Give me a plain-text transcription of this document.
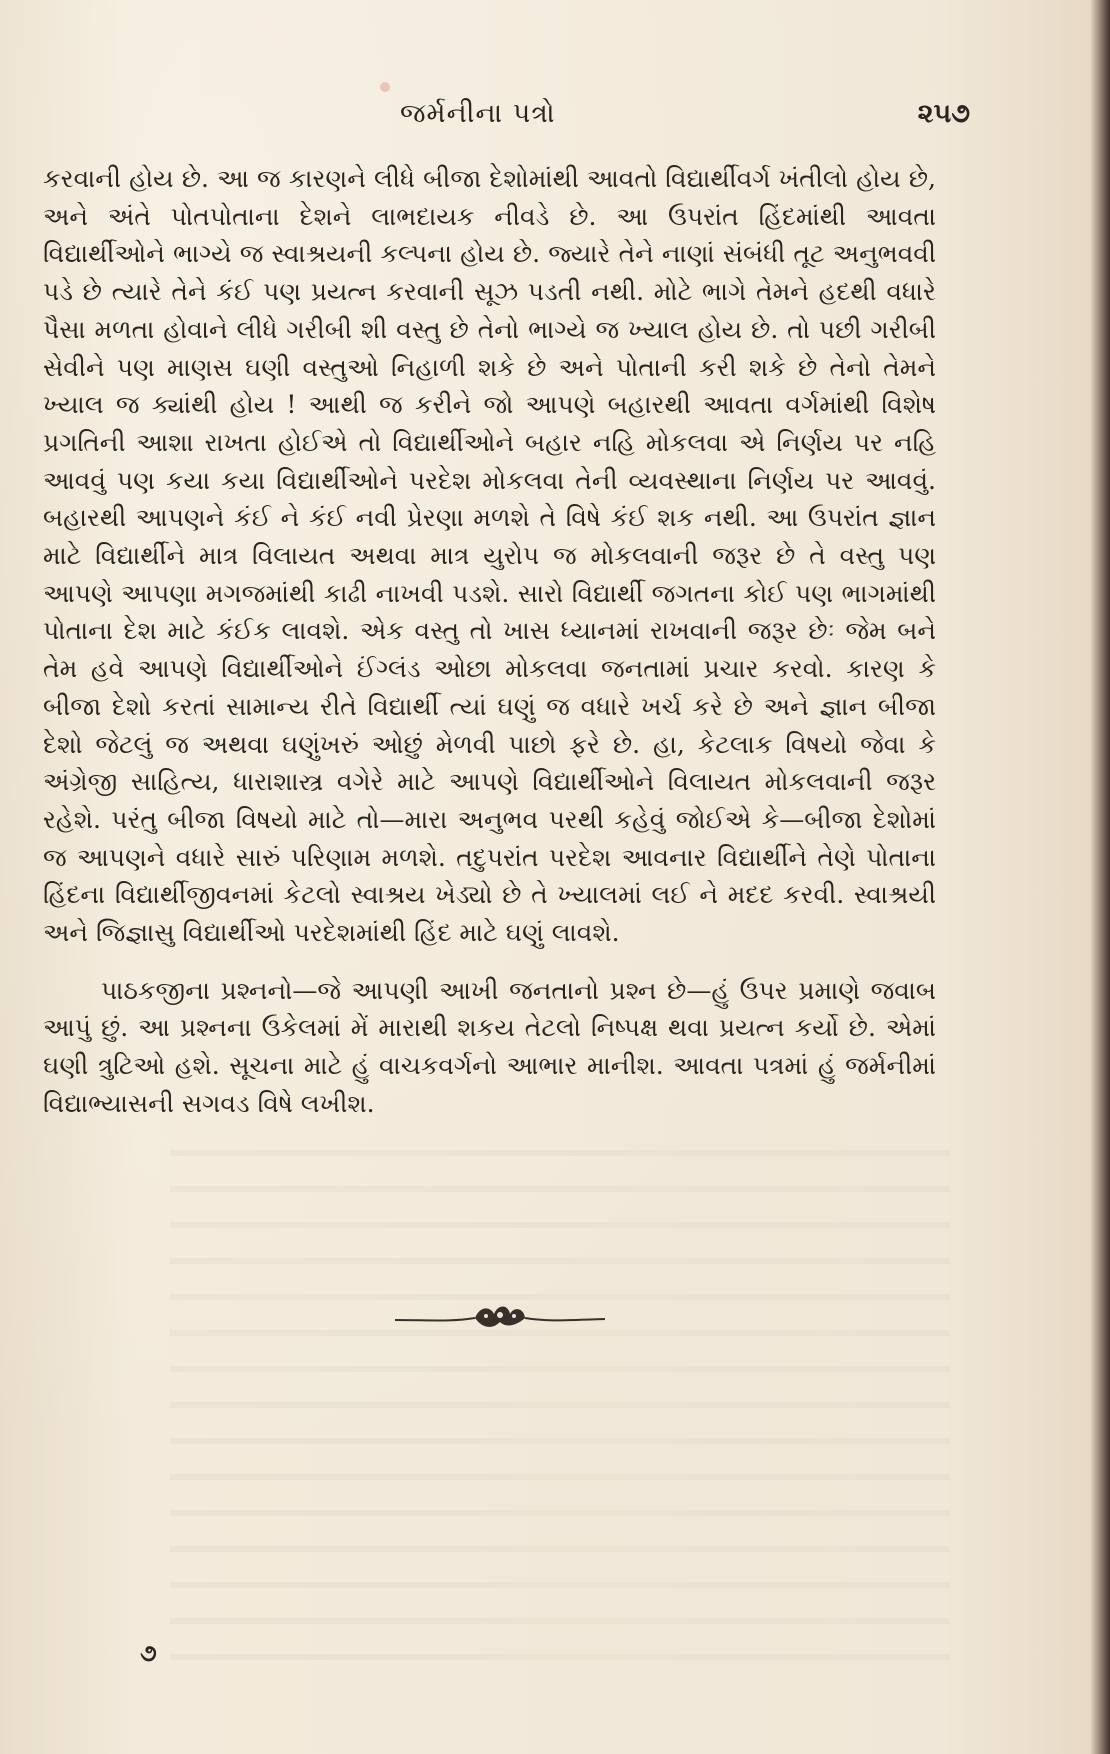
જર્મનીના પત્રો	૨૫૭

કરવાની હોય છે. આ જ કારણને લીધે બીજા દેશોમાંથી આવતો વિદ્યાર્થીવર્ગ ખંતીલો હોય છે, અને અંતે પોતપોતાના દેશને લાભદાયક નીવડે છે. આ ઉપરાંત હિંદમાંથી આવતા વિદ્યાર્થીઓને ભાગ્યે જ સ્વાશ્રયની કલ્પના હોય છે. જ્યારે તેને નાણાં સંબંધી તૂટ અનુભવવી પડે છે ત્યારે તેને કંઈ પણ પ્રયત્ન કરવાની સૂઝ પડતી નથી. મોટે ભાગે તેમને હદથી વધારે પૈસા મળતા હોવાને લીધે ગરીબી શી વસ્તુ છે તેનો ભાગ્યે જ ખ્યાલ હોય છે. તો પછી ગરીબી સેવીને પણ માણસ ઘણી વસ્તુઓ નિહાળી શકે છે અને પોતાની કરી શકે છે તેનો તેમને ખ્યાલ જ ક્યાંથી હોય ! આથી જ કરીને જો આપણે બહારથી આવતા વર્ગમાંથી વિશેષ પ્રગતિની આશા રાખતા હોઈએ તો વિદ્યાર્થીઓને બહાર નહિ મોકલવા એ નિર્ણય પર નહિ આવવું પણ કયા કયા વિદ્યાર્થીઓને પરદેશ મોકલવા તેની વ્યવસ્થાના નિર્ણય પર આવવું. બહારથી આપણને કંઈ ને કંઈ નવી પ્રેરણા મળશે તે વિષે કંઈ શક નથી. આ ઉપરાંત જ્ઞાન માટે વિદ્યાર્થીને માત્ર વિલાયત અથવા માત્ર યુરોપ જ મોકલવાની જરૂર છે તે વસ્તુ પણ આપણે આપણા મગજમાંથી કાઢી નાખવી પડશે. સારો વિદ્યાર્થી જગતના કોઈ પણ ભાગમાંથી પોતાના દેશ માટે કંઈક લાવશે. એક વસ્તુ તો ખાસ ધ્યાનમાં રાખવાની જરૂર છેઃ જેમ બને તેમ હવે આપણે વિદ્યાર્થીઓને ઈંગ્લંડ ઓછા મોકલવા જનતામાં પ્રચાર કરવો. કારણ કે બીજા દેશો કરતાં સામાન્ય રીતે વિદ્યાર્થી ત્યાં ઘણું જ વધારે ખર્ચ કરે છે અને જ્ઞાન બીજા દેશો જેટલું જ અથવા ઘણુંખરું ઓછું મેળવી પાછો ફરે છે. હા, કેટલાક વિષયો જેવા કે અંગ્રેજી સાહિત્ય, ધારાશાસ્ત્ર વગેરે માટે આપણે વિદ્યાર્થીઓને વિલાયત મોકલવાની જરૂર રહેશે. પરંતુ બીજા વિષયો માટે તો—મારા અનુભવ પરથી કહેવું જોઈએ કે—બીજા દેશોમાં જ આપણને વધારે સારું પરિણામ મળશે. તદુપરાંત પરદેશ આવનાર વિદ્યાર્થીને તેણે પોતાના હિંદના વિદ્યાર્થીજીવનમાં કેટલો સ્વાશ્રય ખેડ્યો છે તે ખ્યાલમાં લઈ ને મદદ કરવી. સ્વાશ્રયી અને જિજ્ઞાસુ વિદ્યાર્થીઓ પરદેશમાંથી હિંદ માટે ઘણું લાવશે.

પાઠકજીના પ્રશ્નનો—જે આપણી આખી જનતાનો પ્રશ્ન છે—હું ઉપર પ્રમાણે જવાબ આપું છું. આ પ્રશ્નના ઉકેલમાં મેં મારાથી શકય તેટલો નિષ્પક્ષ થવા પ્રયત્ન કર્યો છે. એમાં ઘણી ત્રુટિઓ હશે. સૂચના માટે હું વાચકવર્ગનો આભાર માનીશ. આવતા પત્રમાં હું જર્મનીમાં વિદ્યાભ્યાસની સગવડ વિષે લખીશ.

૭
